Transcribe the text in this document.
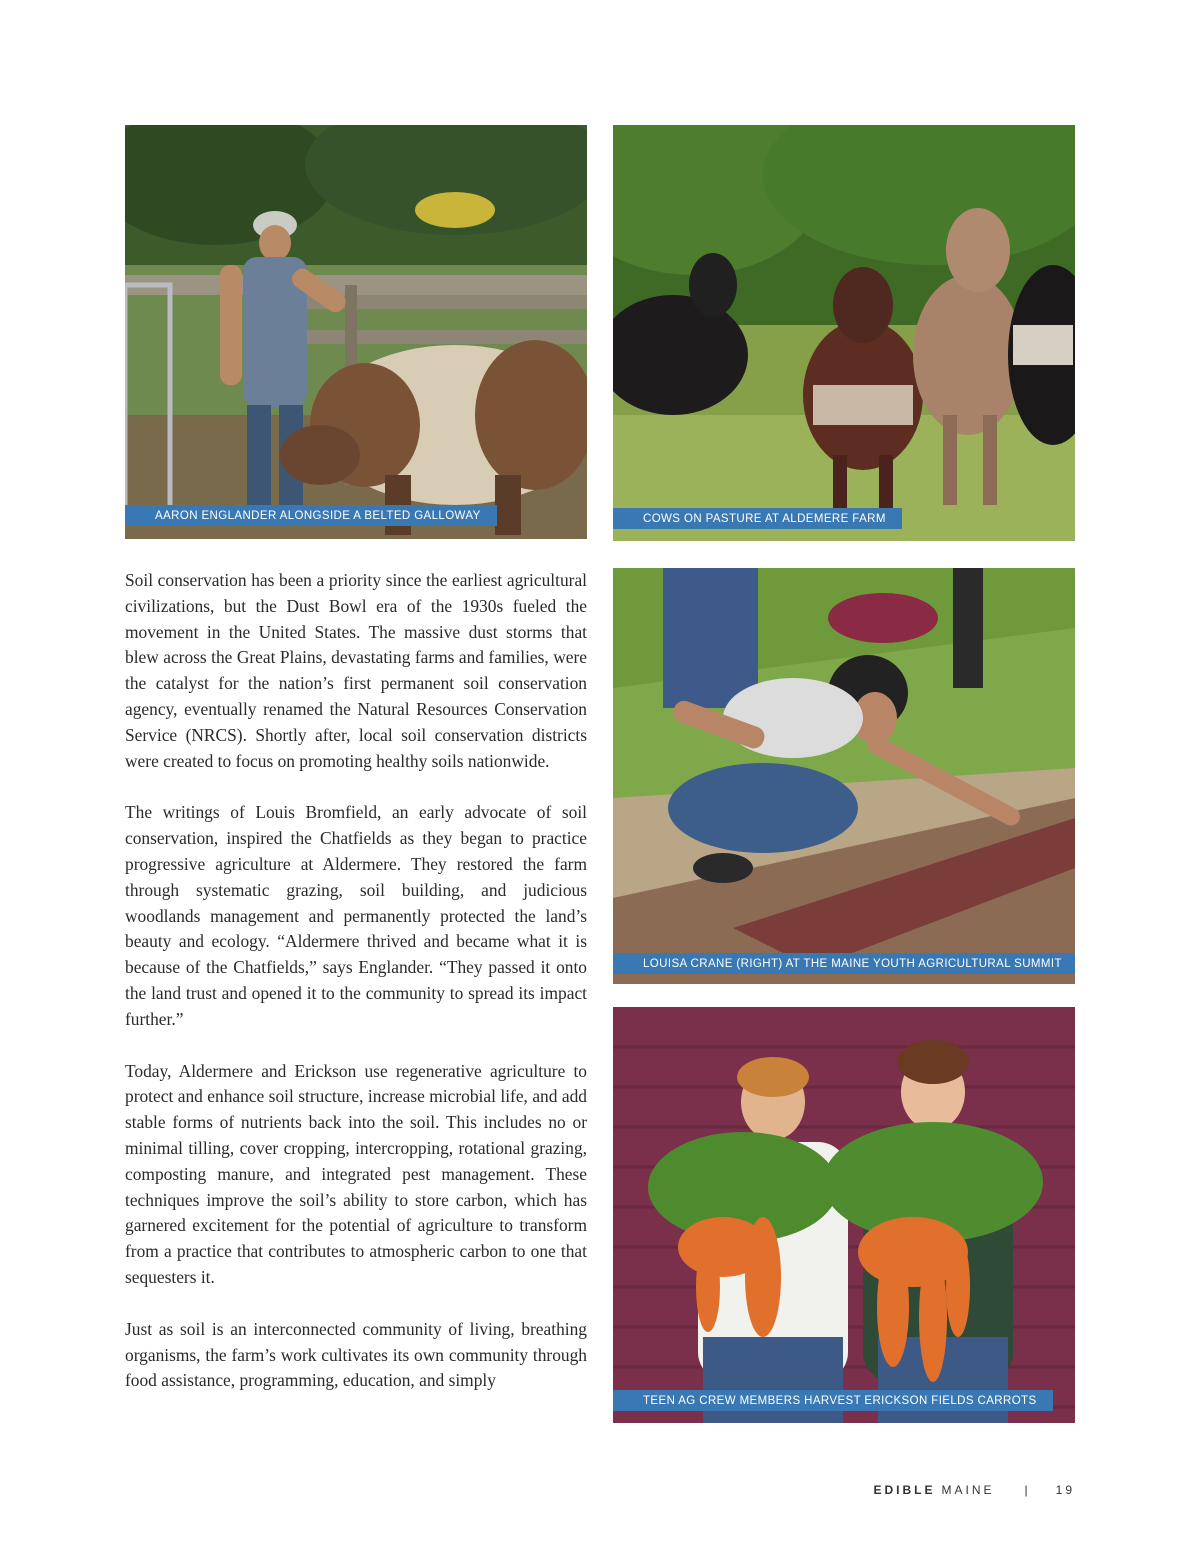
AARON ENGLANDER ALONGSIDE A BELTED GALLOWAY	COWS ON PASTURE AT ALDEMERE FARM
LOUISA CRANE (RIGHT) AT THE MAINE YOUTH AGRICULTURAL SUMMIT
TEEN AG CREW MEMBERS HARVEST ERICKSON FIELDS CARROTS

Soil conservation has been a priority since the earliest agricultural civilizations, but the Dust Bowl era of the 1930s fueled the movement in the United States. The massive dust storms that blew across the Great Plains, devastating farms and families, were the catalyst for the nation’s first permanent soil conservation agency, eventually renamed the Natural Resources Conservation Service (NRCS). Shortly after, local soil conservation districts were created to focus on promoting healthy soils nationwide.

The writings of Louis Bromfield, an early advocate of soil conservation, inspired the Chatfields as they began to practice progressive agriculture at Aldermere. They restored the farm through systematic grazing, soil building, and judicious woodlands management and permanently protected the land’s beauty and ecology. “Aldermere thrived and became what it is because of the Chatfields,” says Englander. “They passed it onto the land trust and opened it to the community to spread its impact further.”

Today, Aldermere and Erickson use regenerative agriculture to protect and enhance soil structure, increase microbial life, and add stable forms of nutrients back into the soil. This includes no or minimal tilling, cover cropping, intercropping, rotational grazing, composting manure, and integrated pest management. These techniques improve the soil’s ability to store carbon, which has garnered excitement for the potential of agriculture to transform from a practice that contributes to atmospheric carbon to one that sequesters it.

Just as soil is an interconnected community of living, breathing organisms, the farm’s work cultivates its own community through food assistance, programming, education, and simply

EDIBLE MAINE	| 19
